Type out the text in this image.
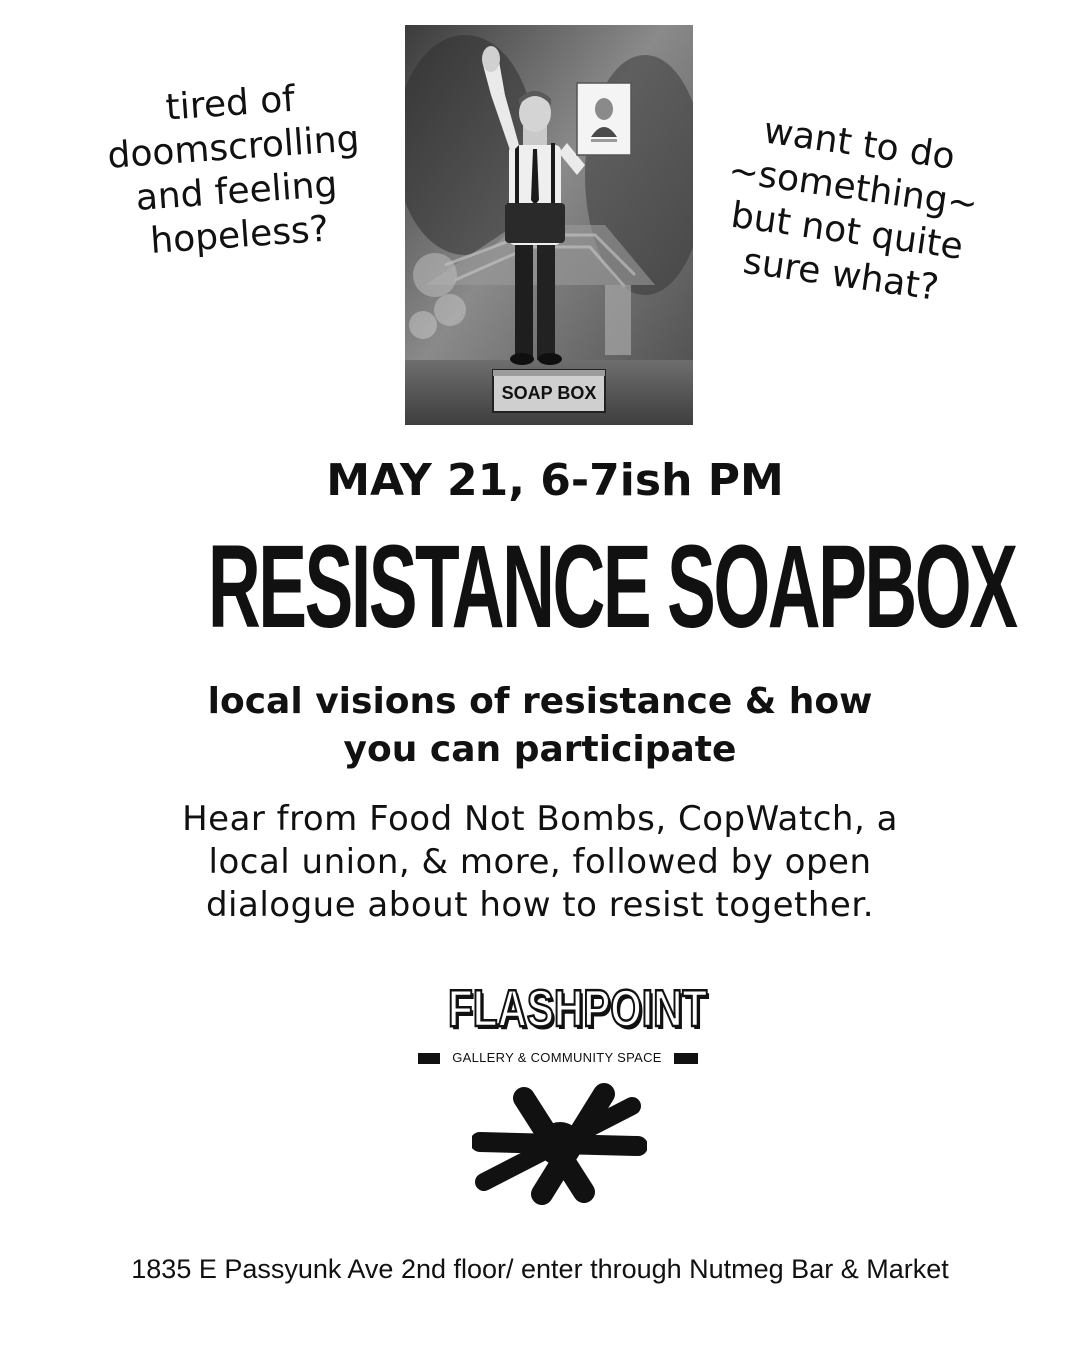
tired of
doomscrolling
and feeling
hopeless?
want to do
~something~
but not quite
sure what?
SOAP BOX
MAY 21, 6-7ish PM
RESISTANCE SOAPBOX
local visions of resistance & how
you can participate
Hear from Food Not Bombs, CopWatch, a
local union, & more, followed by open
dialogue about how to resist together.
FLASHPOINT
GALLERY & COMMUNITY SPACE
1835 E Passyunk Ave 2nd floor/ enter through Nutmeg Bar & Market
